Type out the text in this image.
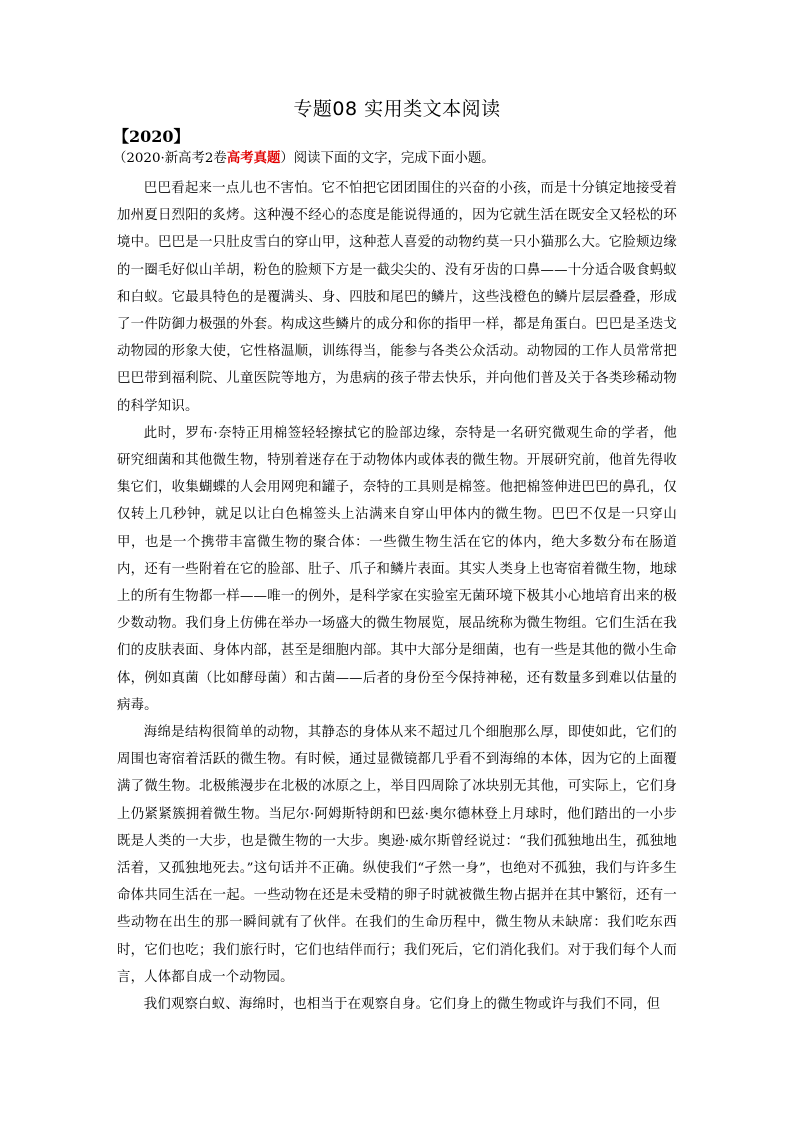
专题08 实用类文本阅读
【2020】
（2020·新高考2卷高考真题）阅读下面的文字，完成下面小题。

巴巴看起来一点儿也不害怕。它不怕把它团团围住的兴奋的小孩，而是十分镇定地接受着加州夏日烈阳的炙烤。这种漫不经心的态度是能说得通的，因为它就生活在既安全又轻松的环境中。巴巴是一只肚皮雪白的穿山甲，这种惹人喜爱的动物约莫一只小猫那么大。它脸颊边缘的一圈毛好似山羊胡，粉色的脸颊下方是一截尖尖的、没有牙齿的口鼻——十分适合吸食蚂蚁和白蚁。它最具特色的是覆满头、身、四肢和尾巴的鳞片，这些浅橙色的鳞片层层叠叠，形成了一件防御力极强的外套。构成这些鳞片的成分和你的指甲一样，都是角蛋白。巴巴是圣迭戈动物园的形象大使，它性格温顺，训练得当，能参与各类公众活动。动物园的工作人员常常把巴巴带到福利院、儿童医院等地方，为患病的孩子带去快乐，并向他们普及关于各类珍稀动物的科学知识。

此时，罗布·奈特正用棉签轻轻擦拭它的脸部边缘，奈特是一名研究微观生命的学者，他研究细菌和其他微生物，特别着迷存在于动物体内或体表的微生物。开展研究前，他首先得收集它们，收集蝴蝶的人会用网兜和罐子，奈特的工具则是棉签。他把棉签伸进巴巴的鼻孔，仅仅转上几秒钟，就足以让白色棉签头上沾满来自穿山甲体内的微生物。巴巴不仅是一只穿山甲，也是一个携带丰富微生物的聚合体：一些微生物生活在它的体内，绝大多数分布在肠道内，还有一些附着在它的脸部、肚子、爪子和鳞片表面。其实人类身上也寄宿着微生物，地球上的所有生物都一样——唯一的例外，是科学家在实验室无菌环境下极其小心地培育出来的极少数动物。我们身上仿佛在举办一场盛大的微生物展览，展品统称为微生物组。它们生活在我们的皮肤表面、身体内部，甚至是细胞内部。其中大部分是细菌，也有一些是其他的微小生命体，例如真菌（比如酵母菌）和古菌——后者的身份至今保持神秘，还有数量多到难以估量的病毒。

海绵是结构很简单的动物，其静态的身体从来不超过几个细胞那么厚，即使如此，它们的周围也寄宿着活跃的微生物。有时候，通过显微镜都几乎看不到海绵的本体，因为它的上面覆满了微生物。北极熊漫步在北极的冰原之上，举目四周除了冰块别无其他，可实际上，它们身上仍紧紧簇拥着微生物。当尼尔·阿姆斯特朗和巴兹·奥尔德林登上月球时，他们踏出的一小步既是人类的一大步，也是微生物的一大步。奥逊·威尔斯曾经说过：“我们孤独地出生，孤独地活着，又孤独地死去。”这句话并不正确。纵使我们“孑然一身”，也绝对不孤独，我们与许多生命体共同生活在一起。一些动物在还是未受精的卵子时就被微生物占据并在其中繁衍，还有一些动物在出生的那一瞬间就有了伙伴。在我们的生命历程中，微生物从未缺席：我们吃东西时，它们也吃；我们旅行时，它们也结伴而行；我们死后，它们消化我们。对于我们每个人而言，人体都自成一个动物园。

我们观察白蚁、海绵时，也相当于在观察自身。它们身上的微生物或许与我们不同，但
